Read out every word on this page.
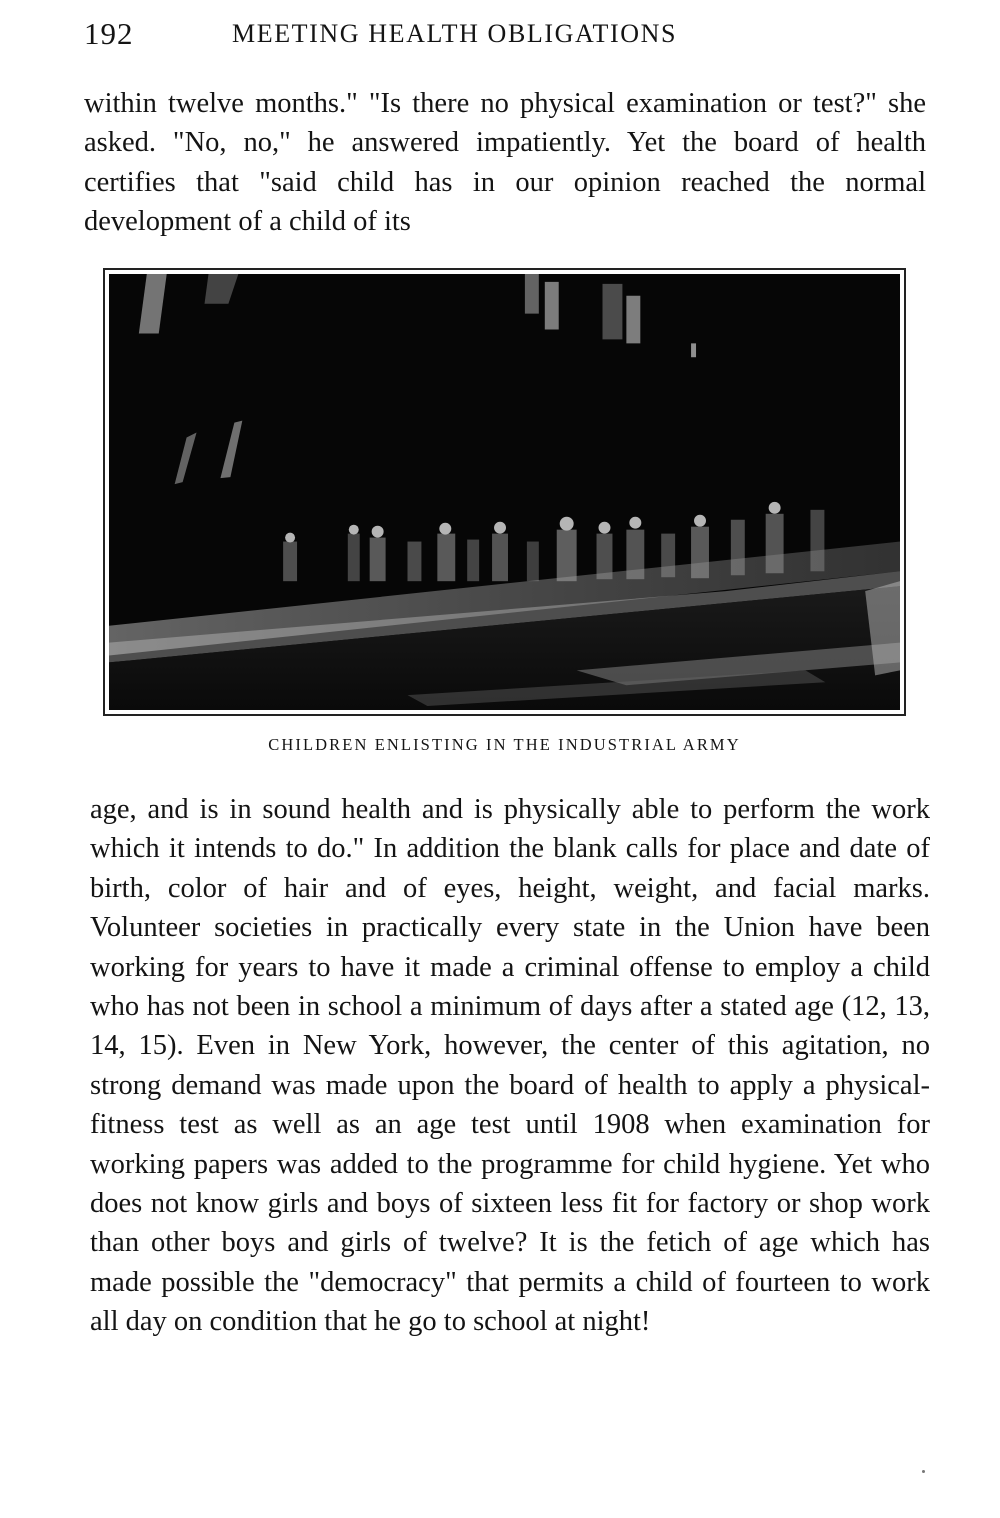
192	MEETING HEALTH OBLIGATIONS

within twelve months." "Is there no physical examination or test?" she asked. "No, no," he answered impatiently. Yet the board of health certifies that "said child has in our opinion reached the normal development of a child of its

CHILDREN ENLISTING IN THE INDUSTRIAL ARMY

age, and is in sound health and is physically able to perform the work which it intends to do." In addition the blank calls for place and date of birth, color of hair and of eyes, height, weight, and facial marks. Volunteer societies in practically every state in the Union have been working for years to have it made a criminal offense to employ a child who has not been in school a minimum of days after a stated age (12, 13, 14, 15). Even in New York, however, the center of this agitation, no strong demand was made upon the board of health to apply a physical-fitness test as well as an age test until 1908 when examination for working papers was added to the programme for child hygiene. Yet who does not know girls and boys of sixteen less fit for factory or shop work than other boys and girls of twelve? It is the fetich of age which has made possible the "democracy" that permits a child of fourteen to work all day on condition that he go to school at night!
